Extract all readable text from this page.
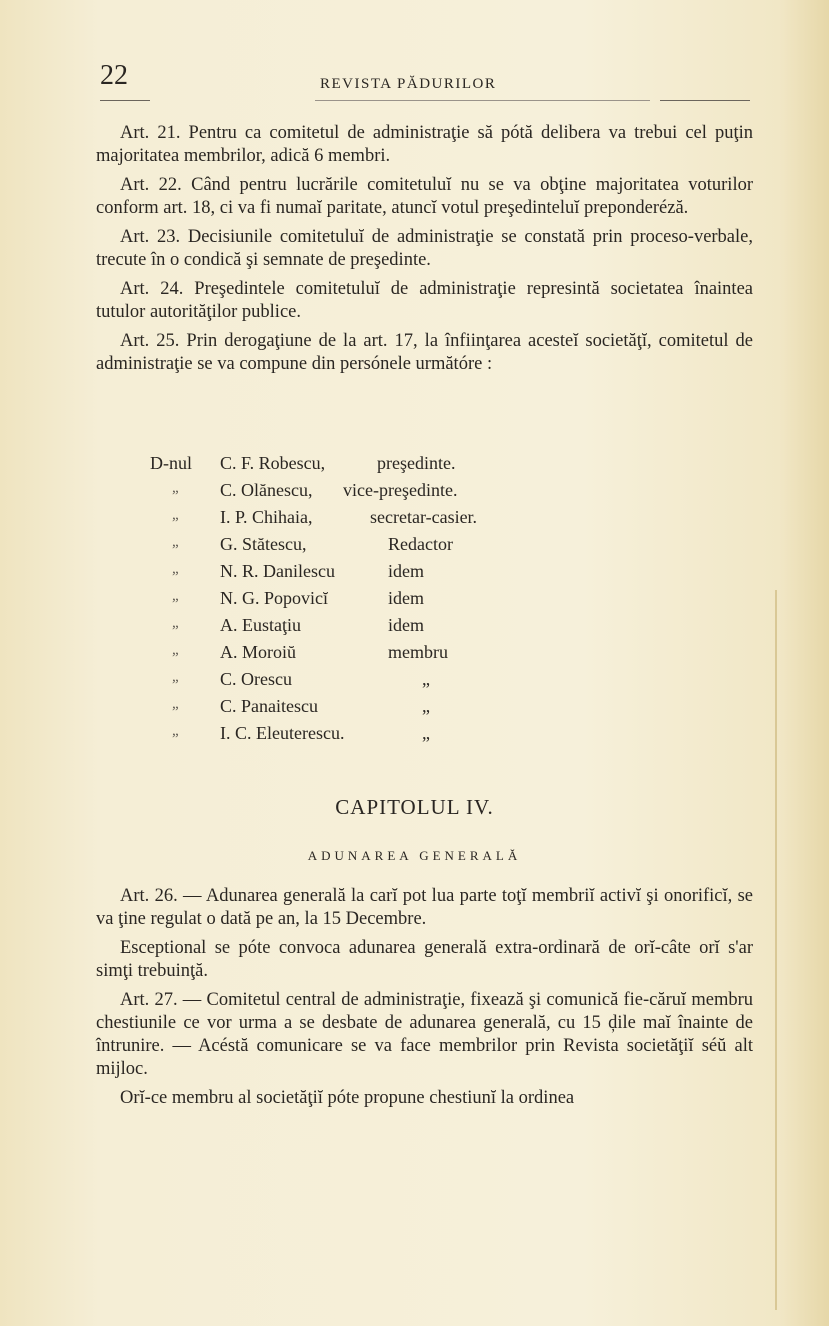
22	REVISTA PĂDURILOR

Art. 21. Pentru ca comitetul de administraţie să pótă delibera va trebui cel puţin majoritatea membrilor, adică 6 membri.

Art. 22. Când pentru lucrările comitetuluĭ nu se va obţine majoritatea voturilor conform art. 18, ci va fi numaĭ paritate, atuncĭ votul preşedinteluĭ preponderéză.

Art. 23. Decisiunile comitetuluĭ de administraţie se constată prin proceso-verbale, trecute în o condică şi semnate de preşedinte.

Art. 24. Preşedintele comitetuluĭ de administraţie represintă societatea înaintea tutulor autorităţilor publice.

Art. 25. Prin derogaţiune de la art. 17, la înfiinţarea acesteĭ societăţĭ, comitetul de administraţie se va compune din persónele următóre :

D-nul C. F. Robescu,	preşedinte.
„	C. Olănescu, vice-preşedinte.
„	I. P. Chihaia,	secretar-casier.
„	G. Stătescu,	Redactor
„	N. R. Danilescu	idem
„	N. G. Popovicĭ	idem
„	A. Eustaţiu	idem
„	A. Moroiŭ	membru
„	C. Orescu	„
„	C. Panaitescu	„
„	I. C. Eleuterescu.	„
CAPITOLUL IV.
ADUNAREA GENERALĂ

Art. 26. — Adunarea generală la carĭ pot lua parte toţĭ membriĭ activĭ şi onorificĭ, se va ţine regulat o dată pe an, la 15 Decembre.

Esceptional se póte convoca adunarea generală extra-ordinară de orĭ-câte orĭ s'ar simţi trebuinţă.

Art. 27. — Comitetul central de administraţie, fixează şi comunică fie-căruĭ membru chestiunile ce vor urma a se desbate de adunarea generală, cu 15 ḑile maĭ înainte de întrunire. — Acéstă comunicare se va face membrilor prin Revista societăţiĭ séŭ alt mijloc.

Orĭ-ce membru al societăţiĭ póte propune chestiunĭ la ordinea
